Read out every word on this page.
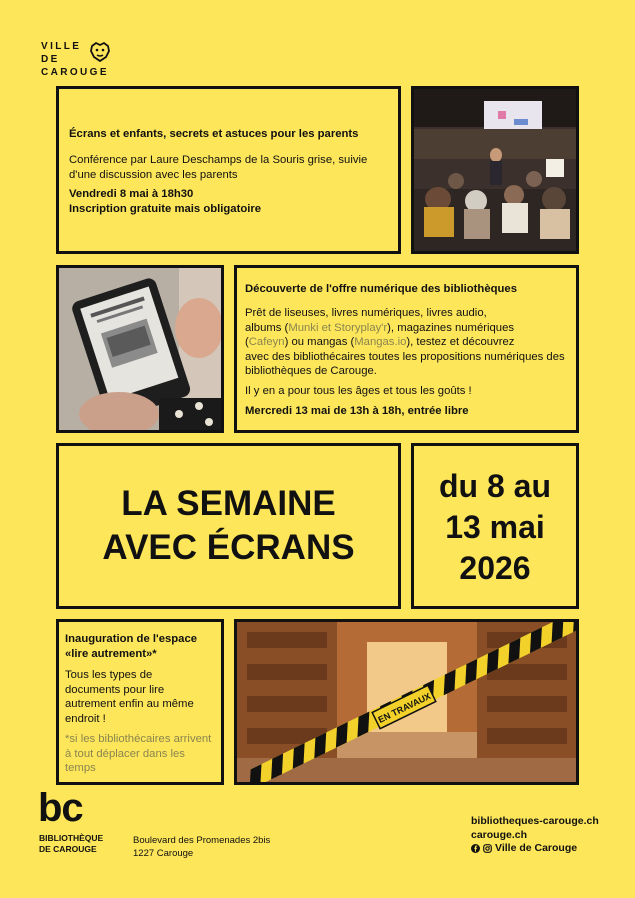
VILLE
DE
CAROUGE
Écrans et enfants, secrets et astuces pour les parents
Conférence par Laure Deschamps de la Souris grise, suivie d'une discussion avec les parents
Vendredi 8 mai à 18h30
Inscription gratuite mais obligatoire
Découverte de l'offre numérique des bibliothèques
Prêt de liseuses, livres numériques, livres audio,
albums (Munki et Storyplay'r), magazines numériques
(Cafeyn) ou mangas (Mangas.io), testez et découvrez
avec des bibliothécaires toutes les propositions numériques des bibliothèques de Carouge.
Il y en a pour tous les âges et tous les goûts !
Mercredi 13 mai de 13h à 18h, entrée libre
LA SEMAINE
AVEC ÉCRANS
du 8 au
13 mai
2026
Inauguration de l'espace «lire autrement»*
Tous les types de documents pour lire autrement enfin au même endroit !
*si les bibliothécaires arrivent à tout déplacer dans les temps
EN TRAVAUX
bc
BIBLIOTHÈQUE
DE CAROUGE
Boulevard des Promenades 2bis
1227 Carouge
bibliotheques-carouge.ch
carouge.ch
Ville de Carouge
